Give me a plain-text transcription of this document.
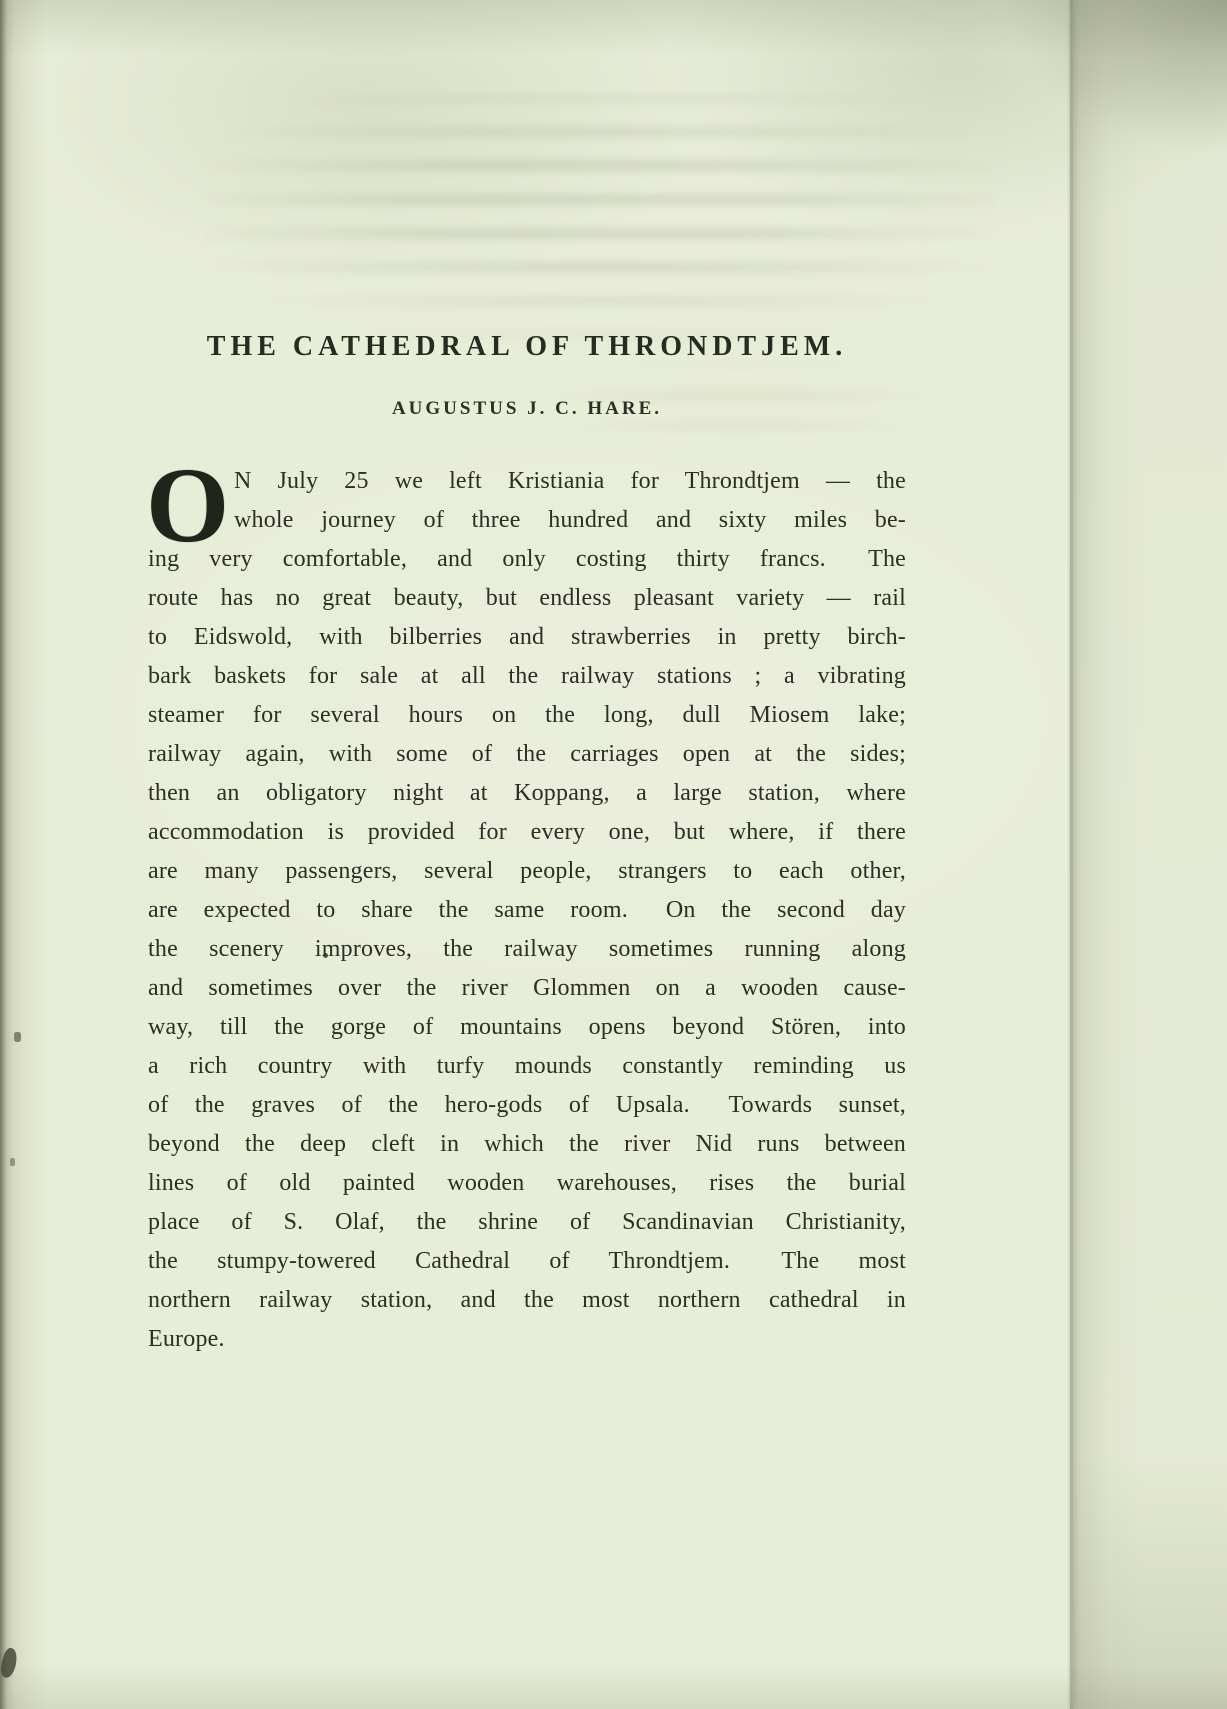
THE CATHEDRAL OF THRONDTJEM.
AUGUSTUS J. C. HARE.
O N July 25 we left Kristiania for Throndtjem — the
whole journey of three hundred and sixty miles be-
ing very comfortable, and only costing thirty francs.  The
route has no great beauty, but endless pleasant variety — rail
to Eidswold, with bilberries and strawberries in pretty birch-
bark baskets for sale at all the railway stations ; a vibrating
steamer for several hours on the long, dull Miosem lake;
railway again, with some of the carriages open at the sides;
then an obligatory night at Koppang, a large station, where
accommodation is provided for every one, but where, if there
are many passengers, several people, strangers to each other,
are expected to share the same room.  On the second day
the scenery improves, the railway sometimes running along
and sometimes over the river Glommen on a wooden cause-
way, till the gorge of mountains opens beyond Stören, into
a rich country with turfy mounds constantly reminding us
of the graves of the hero-gods of Upsala.  Towards sunset,
beyond the deep cleft in which the river Nid runs between
lines of old painted wooden warehouses, rises the burial
place of S. Olaf, the shrine of Scandinavian Christianity,
the stumpy-towered Cathedral of Throndtjem.  The most
northern railway station, and the most northern cathedral in
Europe.
